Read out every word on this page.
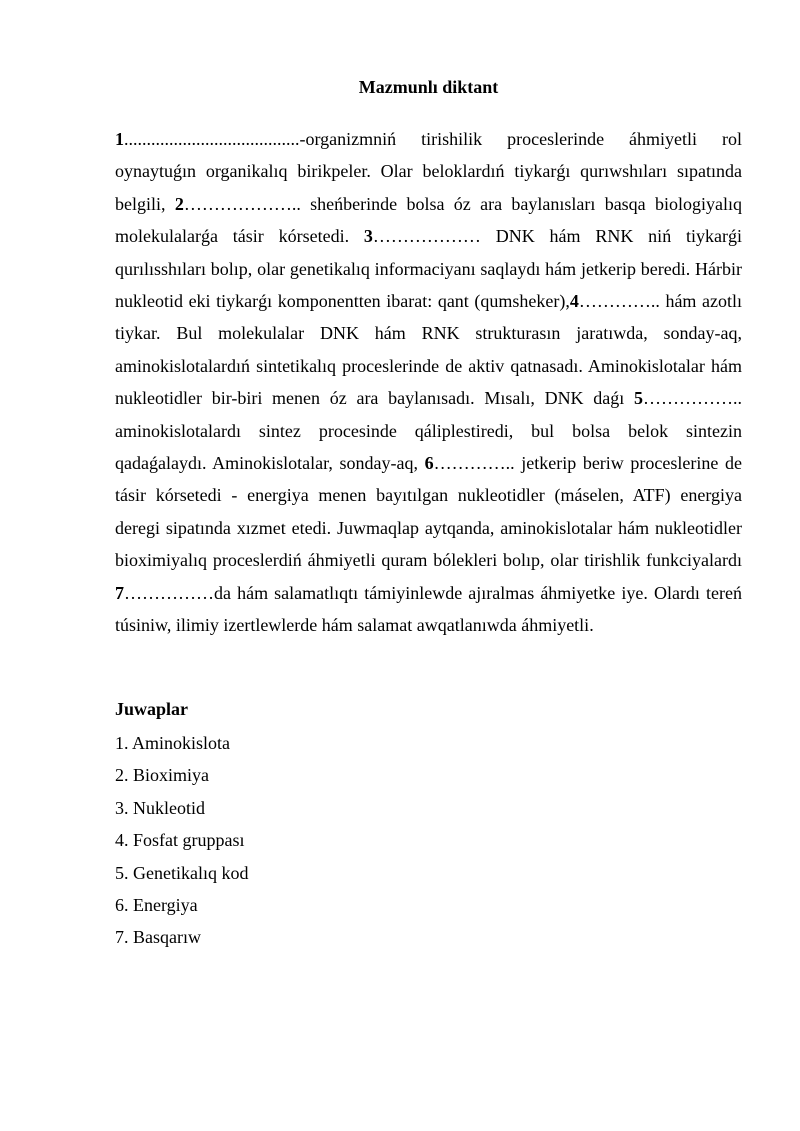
Mazmunlı diktant

1.......................................-organizmniń tirishilik proceslerinde áhmiyetli rol oynaytuǵın organikalıq birikpeler. Olar beloklardıń tiykarǵı qurıwshıları sıpatında belgili, 2……………….. sheńberinde bolsa óz ara baylanısları basqa biologiyalıq molekulalarǵa tásir kórsetedi. 3……………… DNK hám RNK niń tiykarǵi qurılısshıları bolıp, olar genetikalıq informaciyanı saqlaydı hám jetkerip beredi. Hárbir nukleotid eki tiykarǵı komponentten ibarat: qant (qumsheker),4………….. hám azotlı tiykar. Bul molekulalar DNK hám RNK strukturasın jaratıwda, sonday-aq, aminokislotalardıń sintetikalıq proceslerinde de aktiv qatnasadı. Aminokislotalar hám nukleotidler bir-biri menen óz ara baylanısadı. Mısalı, DNK daǵı 5…………….. aminokislotalardı sintez procesinde qáliplestiredi, bul bolsa belok sintezin qadaǵalaydı. Aminokislotalar, sonday-aq, 6………….. jetkerip beriw proceslerine de tásir kórsetedi - energiya menen bayıtılgan nukleotidler (máselen, ATF) energiya deregi sipatında xızmet etedi. Juwmaqlap aytqanda, aminokislotalar hám nukleotidler bioximiyalıq proceslerdiń áhmiyetli quram bólekleri bolıp, olar tirishlik funkciyalardı 7……………da hám salamatlıqtı támiyinlewde ajıralmas áhmiyetke iye. Olardı tereń túsiniw, ilimiy izertlewlerde hám salamat awqatlanıwda áhmiyetli.

Juwaplar
1. Aminokislota
2. Bioximiya
3. Nukleotid
4. Fosfat gruppası
5. Genetikalıq kod
6. Energiya
7. Basqarıw
